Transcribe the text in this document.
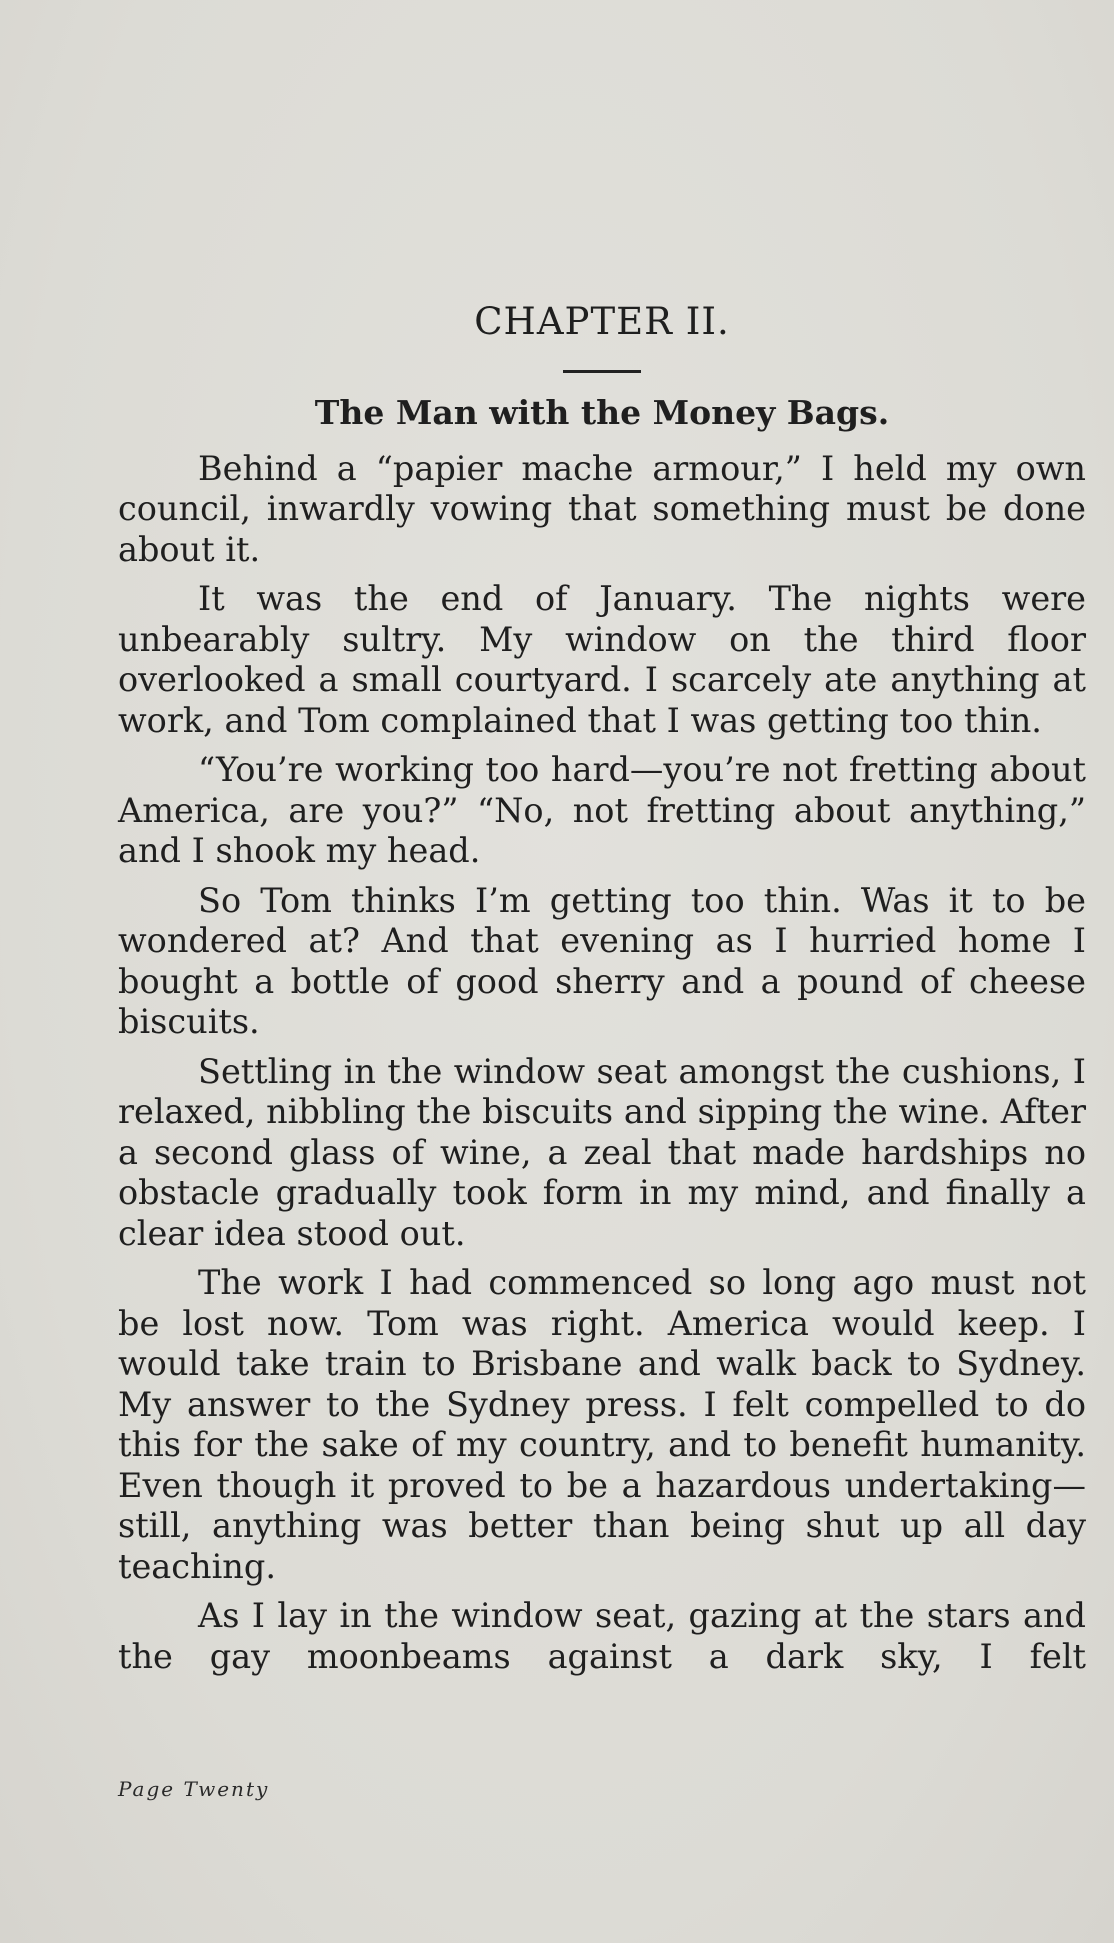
CHAPTER II.
The Man with the Money Bags.

Behind a “papier mache armour,” I held my own council, inwardly vowing that something must be done about it.

It was the end of January. The nights were unbearably sultry. My window on the third floor overlooked a small courtyard. I scarcely ate anything at work, and Tom complained that I was getting too thin.

“You’re working too hard—you’re not fretting about America, are you?” “No, not fretting about anything,” and I shook my head.

So Tom thinks I’m getting too thin. Was it to be wondered at? And that evening as I hurried home I bought a bottle of good sherry and a pound of cheese biscuits.

Settling in the window seat amongst the cushions, I relaxed, nibbling the biscuits and sipping the wine. After a second glass of wine, a zeal that made hardships no obstacle gradually took form in my mind, and finally a clear idea stood out.

The work I had commenced so long ago must not be lost now. Tom was right. America would keep. I would take train to Brisbane and walk back to Sydney. My answer to the Sydney press. I felt compelled to do this for the sake of my country, and to benefit humanity. Even though it proved to be a hazardous undertaking—still, anything was better than being shut up all day teaching.

As I lay in the window seat, gazing at the stars and the gay moonbeams against a dark sky, I felt

Page Twenty
